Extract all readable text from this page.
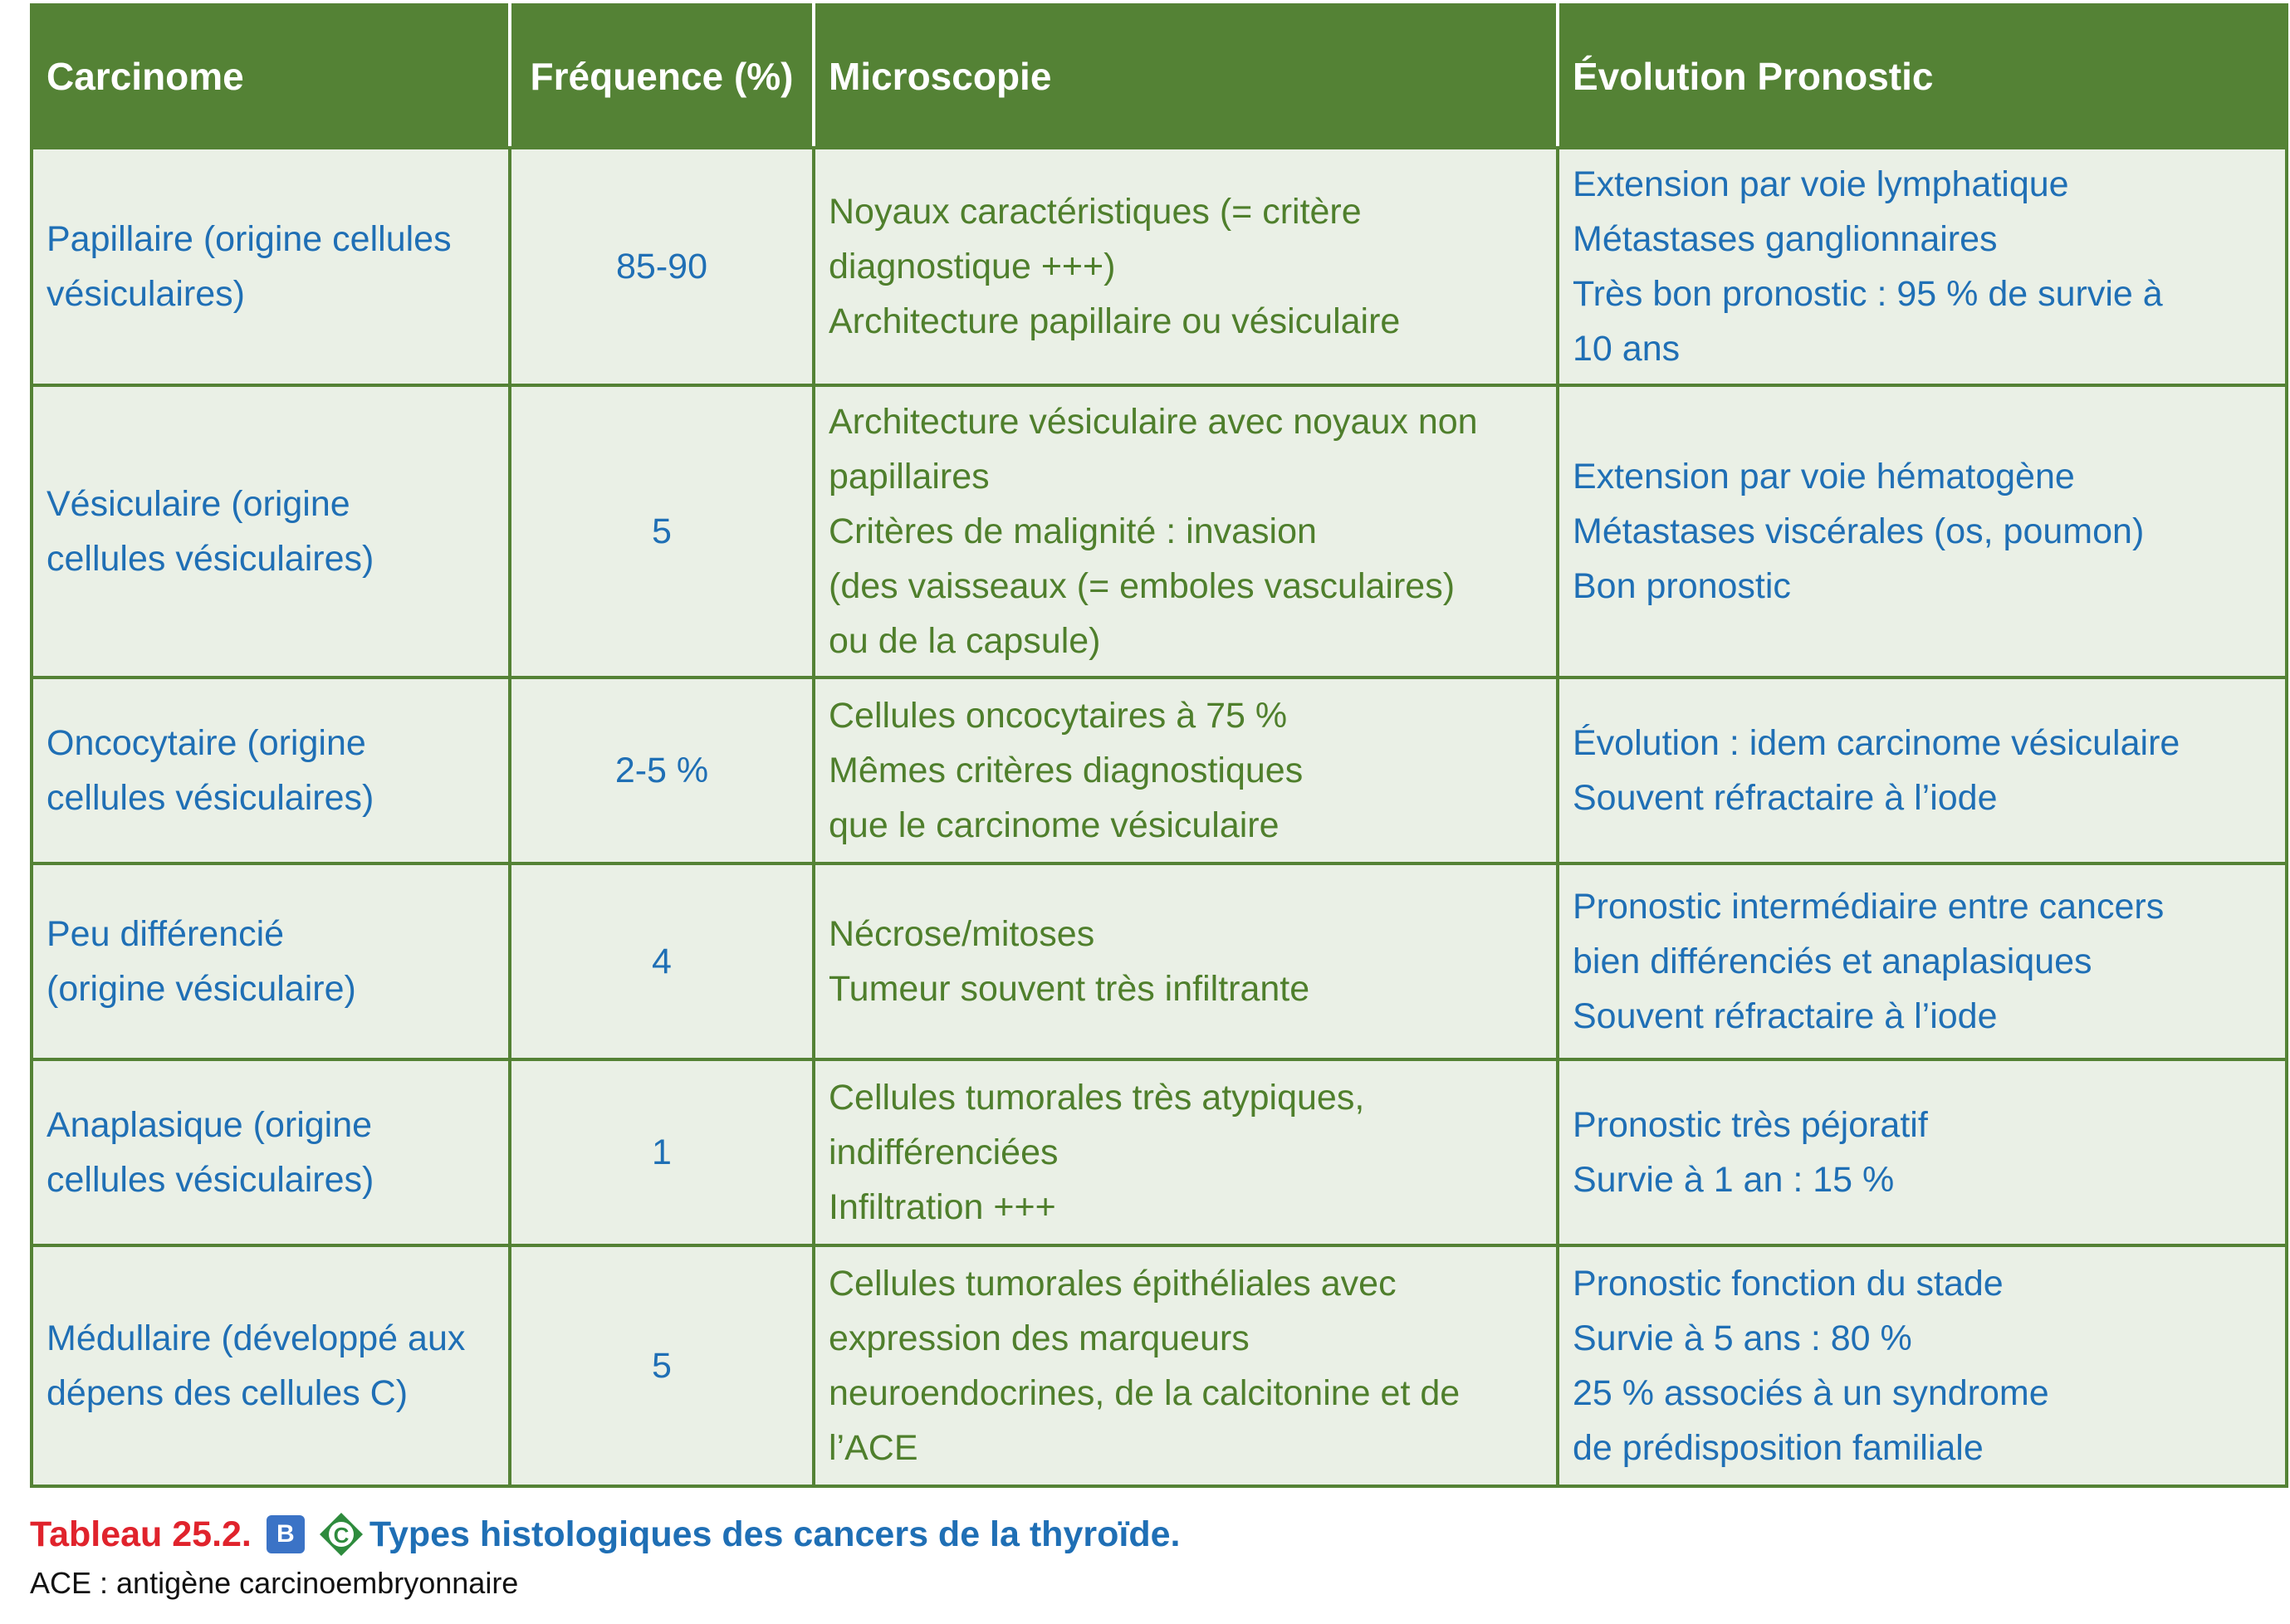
Carcinome	Fréquence (%)	Microscopie	Évolution Pronostic

Papillaire (origine cellules
vésiculaires)	85-90	Noyaux caractéristiques (= critère
diagnostique +++)
Architecture papillaire ou vésiculaire	Extension par voie lymphatique
Métastases ganglionnaires
Très bon pronostic : 95 % de survie à
10 ans

Vésiculaire (origine
cellules vésiculaires)	5	Architecture vésiculaire avec noyaux non
papillaires
Critères de malignité : invasion
(des vaisseaux (= emboles vasculaires)
ou de la capsule)	Extension par voie hématogène
Métastases viscérales (os, poumon)
Bon pronostic

Oncocytaire (origine
cellules vésiculaires)	2-5 %	Cellules oncocytaires à 75 %
Mêmes critères diagnostiques
que le carcinome vésiculaire	Évolution : idem carcinome vésiculaire
Souvent réfractaire à l’iode

Peu différencié
(origine vésiculaire)	4	Nécrose/mitoses
Tumeur souvent très infiltrante	Pronostic intermédiaire entre cancers
bien différenciés et anaplasiques
Souvent réfractaire à l’iode

Anaplasique (origine
cellules vésiculaires)	1	Cellules tumorales très atypiques,
indifférenciées
Infiltration +++	Pronostic très péjoratif
Survie à 1 an : 15 %

Médullaire (développé aux
dépens des cellules C)	5	Cellules tumorales épithéliales avec
expression des marqueurs
neuroendocrines, de la calcitonine et de
l’ACE	Pronostic fonction du stade
Survie à 5 ans : 80 %
25 % associés à un syndrome
de prédisposition familiale
Tableau 25.2.	B	C Types histologiques des cancers de la thyroïde.
ACE : antigène carcinoembryonnaire
